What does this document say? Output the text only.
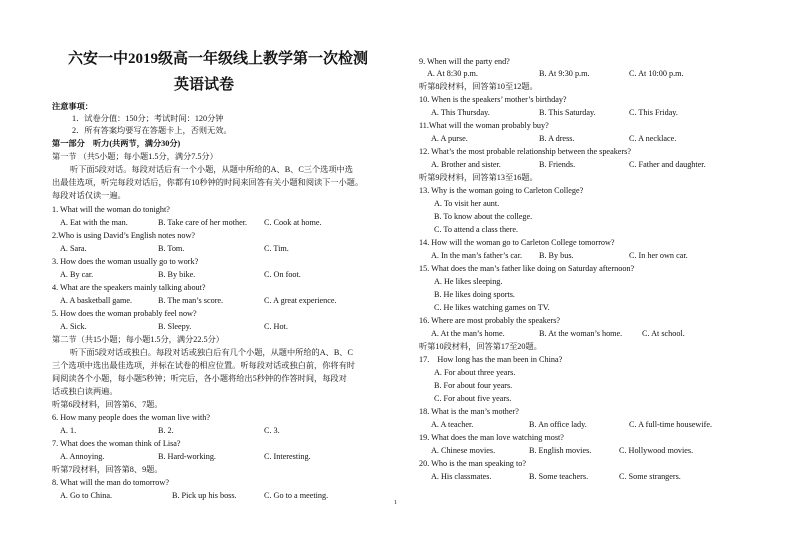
六安一中2019级高一年级线上教学第一次检测
英语试卷
注意事项：
1．试卷分值：150分；考试时间：120分钟
2．所有答案均要写在答题卡上，否则无效。
第一部分　听力(共两节，满分30分)
第一节 （共5小题；每小题1.5分，满分7.5分）
听下面5段对话。每段对话后有一个小题，从题中所给的A、B、C三个选项中选
出最佳选项，听完每段对话后，你都有10秒钟的时间来回答有关小题和阅读下一小题。
每段对话仅读一遍。
1. What will the woman do tonight?
A. Eat with the man.	B. Take care of her mother. C. Cook at home.
2.Who is using David’s English notes now?
A. Sara.	B. Tom.	C. Tim.
3. How does the woman usually go to work?
A. By car.	B. By bike.	C. On foot.
4. What are the speakers mainly talking about?
A. A basketball game.	B. The man’s score.	C. A great experience.
5. How does the woman probably feel now?
A. Sick.	B. Sleepy.	C. Hot.
第二节（共15小题；每小题1.5分，满分22.5分）
听下面5段对话或独白。每段对话或独白后有几个小题，从题中所给的A、B、C
三个选项中选出最佳选项，并标在试卷的相应位置。听每段对话或独白前，你将有时
间阅读各个小题，每小题5秒钟；听完后，各小题将给出5秒钟的作答时间，每段对
话或独白读两遍。
听第6段材料，回答第6、7题。
6. How many people does the woman live with?
A. 1.	B. 2.	C. 3.
7. What does the woman think of Lisa?
A. Annoying.	B. Hard-working.	C. Interesting.
听第7段材料，回答第8、9题。
8. What will the man do tomorrow?
A. Go to China.	B. Pick up his boss.	C. Go to a meeting.
9. When will the party end?
A. At 8:30 p.m.	B. At 9:30 p.m.	C. At 10:00 p.m.
听第8段材料，回答第10至12题。
10. When is the speakers’ mother’s birthday?
A. This Thursday.	B. This Saturday.	C. This Friday.
11.What will the woman probably buy?
A. A purse.	B. A dress.	C. A necklace.
12. What’s the most probable relationship between the speakers?
A. Brother and sister.	B. Friends.	C. Father and daughter.
听第9段材料，回答第13至16题。
13. Why is the woman going to Carleton College?
A. To visit her aunt.
B. To know about the college.
C. To attend a class there.
14. How will the woman go to Carleton College tomorrow?
A. In the man’s father’s car. B. By bus.	C. In her own car.
15. What does the man’s father like doing on Saturday afternoon?
A. He likes sleeping.
B. He likes doing sports.
C. He likes watching games on TV.
16. Where are most probably the speakers?
A. At the man’s home.	B. At the woman’s home. C. At school.
听第10段材料，回答第17至20题。
17.　How long has the man been in China?
A. For about three years.
B. For about four years.
C. For about five years.
18. What is the man’s mother?
A. A teacher.	B. An office lady.	C. A full-time housewife.
19. What does the man love watching most?
A. Chinese movies.	B. English movies.	C. Hollywood movies.
20. Who is the man speaking to?
A. His classmates.	B. Some teachers.	C. Some strangers.
1
